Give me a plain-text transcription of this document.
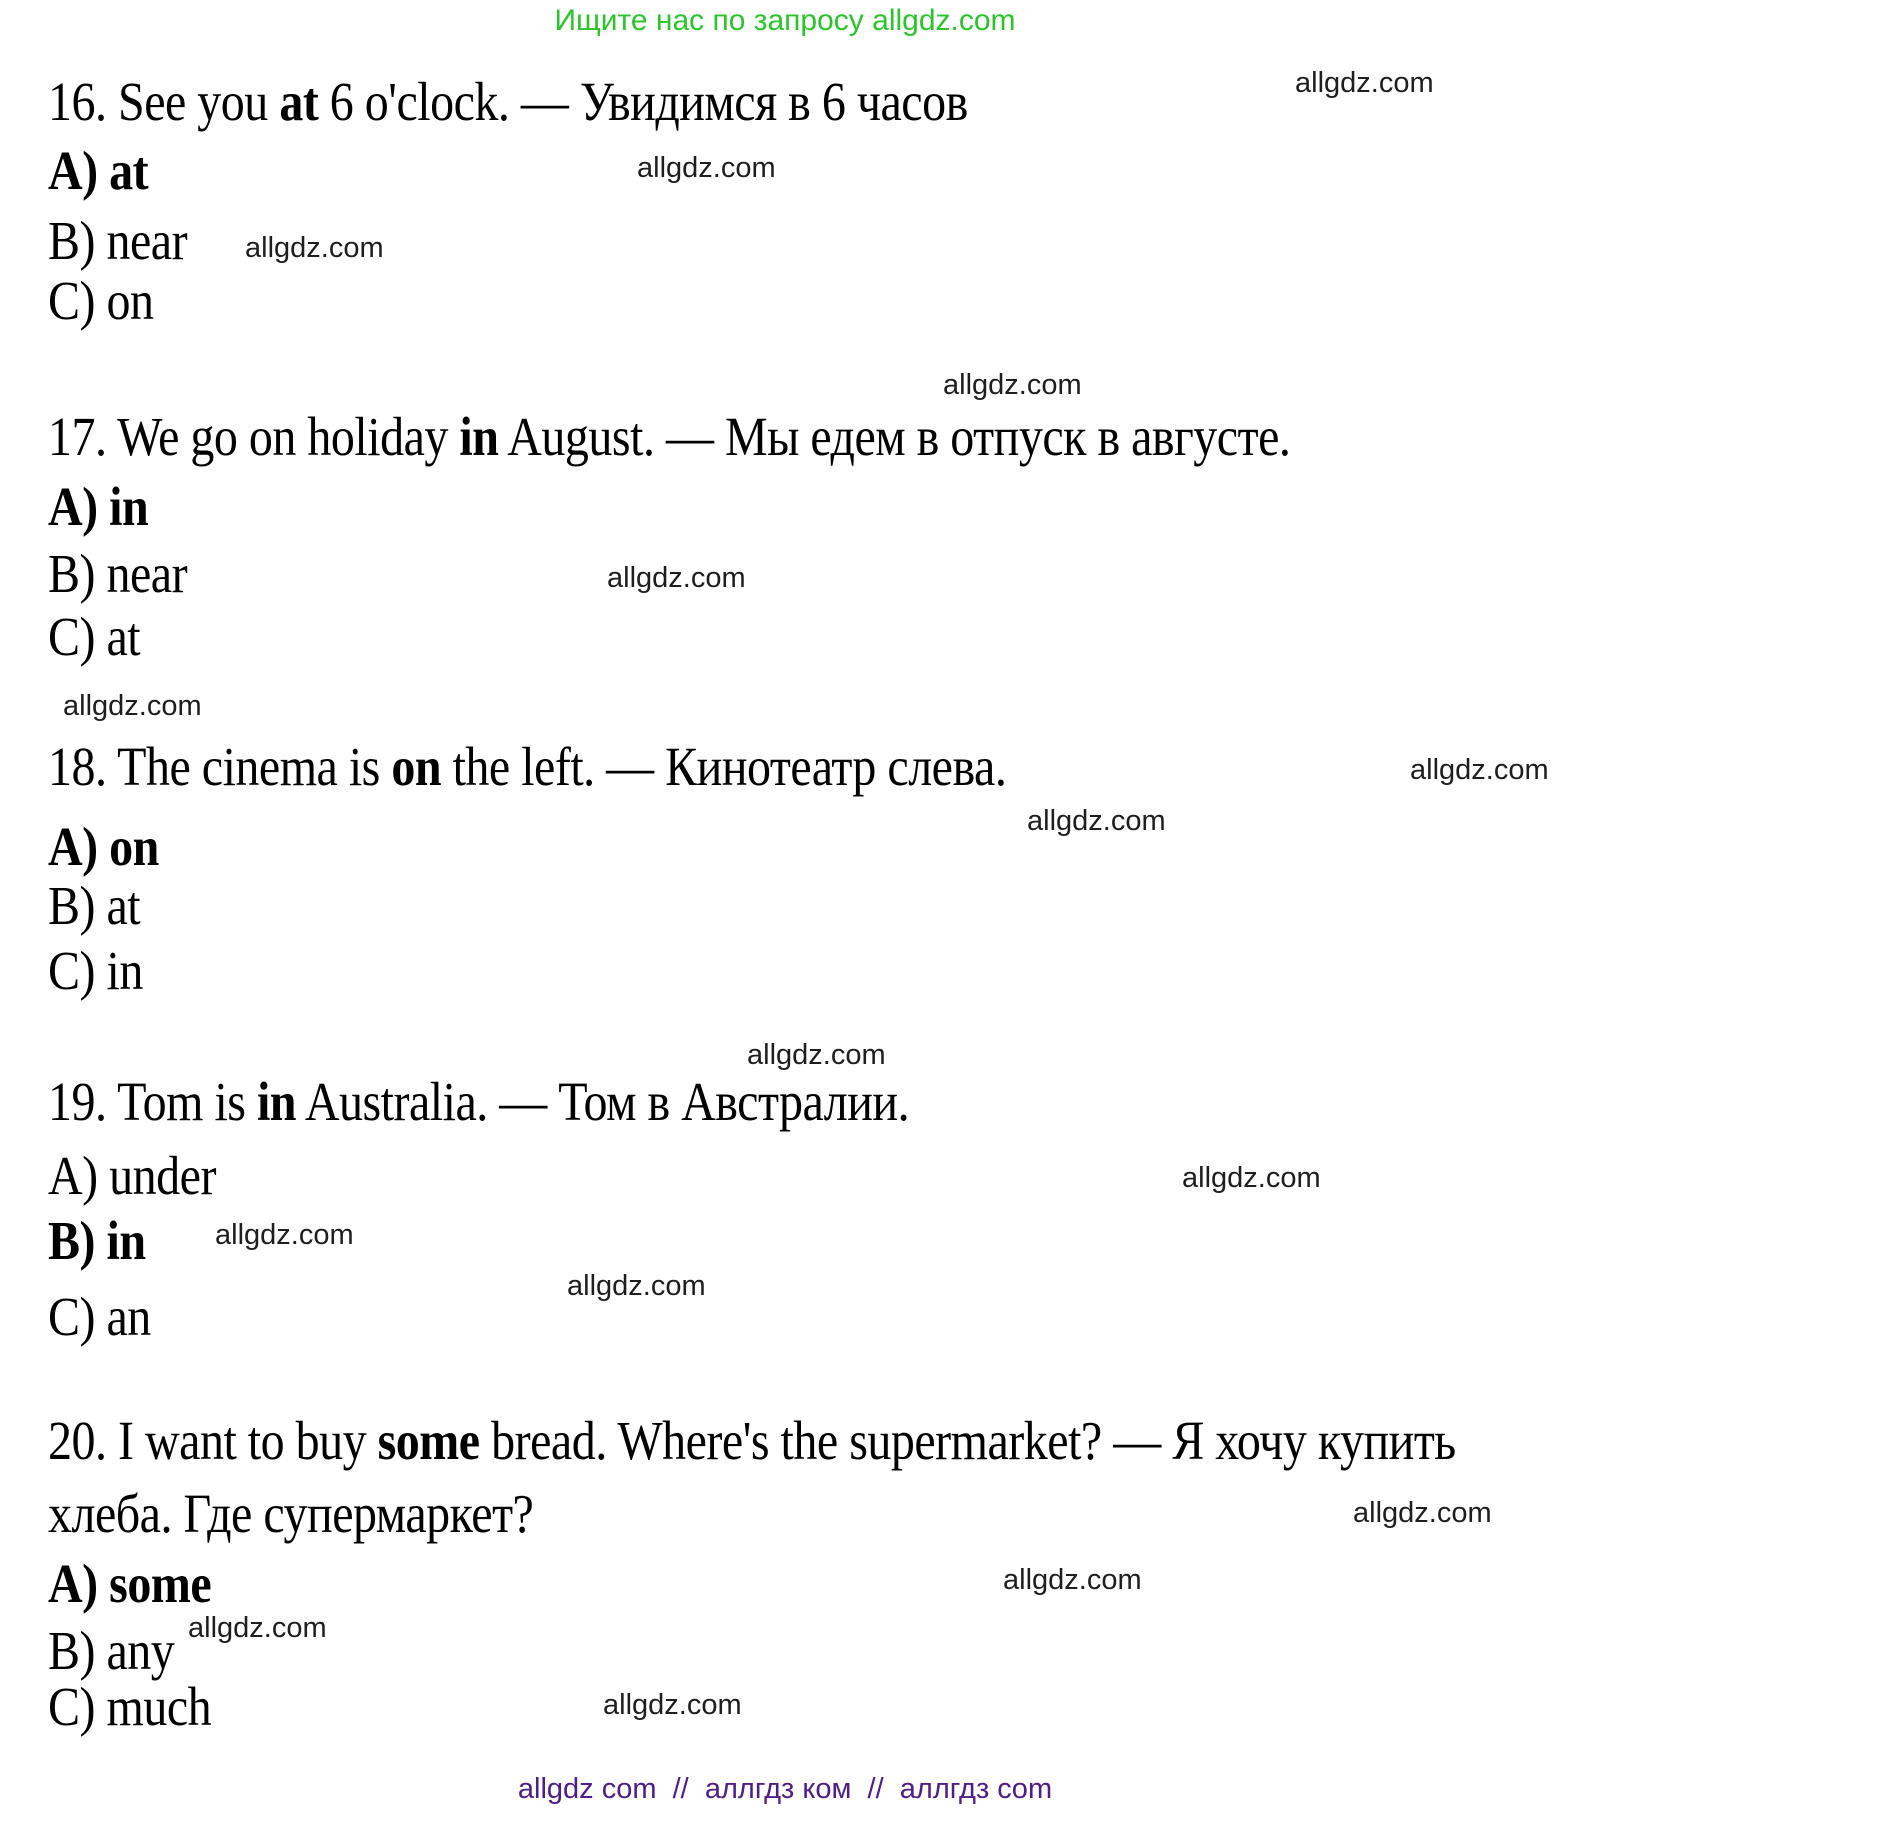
Ищите нас по запросу allgdz.com
16. See you at 6 o'clock. — Увидимся в 6 часов
A) at
B) near
C) on
17. We go on holiday in August. — Мы едем в отпуск в августе.
A) in
B) near
C) at
18. The cinema is on the left. — Кинотеатр слева.
A) on
B) at
C) in
19. Tom is in Australia. — Том в Австралии.
A) under
B) in
C) an
20. I want to buy some bread. Where's the supermarket? — Я хочу купить
хлеба. Где супермаркет?
A) some
B) any
C) much
allgdz.com
allgdz.com
allgdz.com
allgdz.com
allgdz.com
allgdz.com
allgdz.com
allgdz.com
allgdz.com
allgdz.com
allgdz.com
allgdz.com
allgdz.com
allgdz.com
allgdz.com
allgdz.com
allgdz com  //  аллгдз ком  //  аллгдз com
